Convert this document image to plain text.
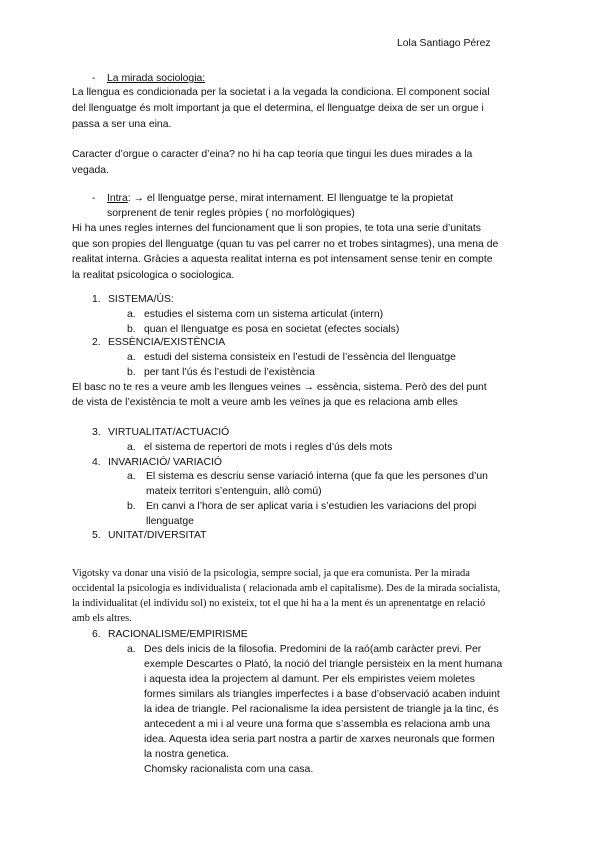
Lola Santiago Pérez
- La mirada sociologia:
La llengua es condicionada per la societat i a la vegada la condiciona. El component social
del llenguatge és molt important ja que el determina, el llenguatge deixa de ser un orgue i
passa a ser una eina.
Caracter d’orgue o caracter d’eina? no hi ha cap teoria que tingui les dues mirades a la
vegada.
- Intra: → el llenguatge perse, mirat internament. El llenguatge te la propietat
sorprenent de tenir regles pròpies ( no morfològiques)
Hi ha unes regles internes del funcionament que li son propies, te tota una serie d’unitats
que son propies del llenguatge (quan tu vas pel carrer no et trobes sintagmes), una mena de
realitat interna. Gràcies a aquesta realitat interna es pot intensament sense tenir en compte
la realitat psicologica o sociologica.
1. SISTEMA/ÚS:
a. estudies el sistema com un sistema articulat (intern)
b. quan el llenguatge es posa en societat (efectes socials)
2. ESSÈNCIA/EXISTÈNCIA
a. estudi del sistema consisteix en l’estudi de l’essència del llenguatge
b. per tant l’ús és l’estudi de l’existència
El basc no te res a veure amb les llengues veines → essència, sistema. Però des del punt
de vista de l’existència te molt a veure amb les veïnes ja que es relaciona amb elles
3. VIRTUALITAT/ACTUACIÓ
a. el sistema de repertori de mots i regles d’ús dels mots
4. INVARIACIÓ/ VARIACIÓ
a. El sistema es descriu sense variació interna (que fa que les persones d’un
mateix territori s’entenguin, allò comú)
b. En canvi a l’hora de ser aplicat varia i s’estudien les variacions del propi
llenguatge
5. UNITAT/DIVERSITAT
Vigotsky va donar una visió de la psicologia, sempre social, ja que era comunista. Per la mirada
occidental la psicologia es individualista ( relacionada amb el capitalisme). Des de la mirada socialista,
la individualitat (el individu sol) no existeix, tot el que hi ha a la ment és un aprenentatge en relació
amb els altres.
6. RACIONALISME/EMPIRISME
a. Des dels inicis de la filosofia. Predomini de la raó(amb caràcter previ. Per
exemple Descartes o Plató, la noció del triangle persisteix en la ment humana
i aquesta idea la projectem al damunt. Per els empiristes veiem moletes
formes similars als triangles imperfectes i a base d’observació acaben induint
la idea de triangle. Pel racionalisme la idea persistent de triangle ja la tinc, és
antecedent a mi i al veure una forma que s’assembla es relaciona amb una
idea. Aquesta idea seria part nostra a partir de xarxes neuronals que formen
la nostra genetica.
Chomsky racionalista com una casa.
